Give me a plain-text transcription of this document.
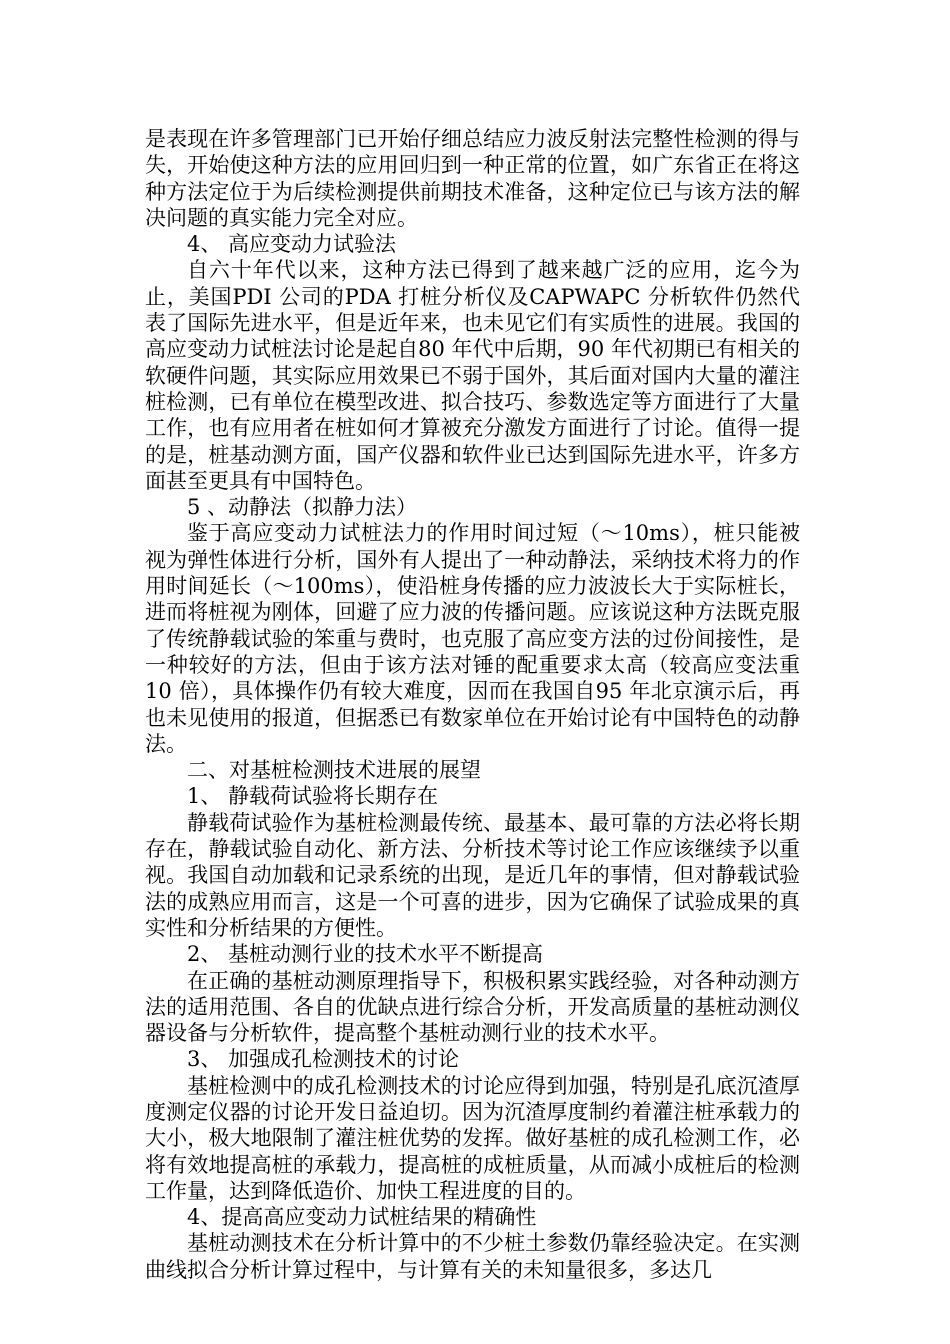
是表现在许多管理部门已开始仔细总结应力波反射法完整性检测的得与失，开始使这种方法的应用回归到一种正常的位置，如广东省正在将这种方法定位于为后续检测提供前期技术准备，这种定位已与该方法的解决问题的真实能力完全对应。

4、 高应变动力试验法

自六十年代以来，这种方法已得到了越来越广泛的应用，迄今为止，美国PDI 公司的PDA 打桩分析仪及CAPWAPC 分析软件仍然代表了国际先进水平，但是近年来，也未见它们有实质性的进展。我国的高应变动力试桩法讨论是起自80 年代中后期，90 年代初期已有相关的软硬件问题，其实际应用效果已不弱于国外，其后面对国内大量的灌注桩检测，已有单位在模型改进、拟合技巧、参数选定等方面进行了大量工作，也有应用者在桩如何才算被充分激发方面进行了讨论。值得一提的是，桩基动测方面，国产仪器和软件业已达到国际先进水平，许多方面甚至更具有中国特色。

5 、动静法（拟静力法）

鉴于高应变动力试桩法力的作用时间过短（～10ms），桩只能被视为弹性体进行分析，国外有人提出了一种动静法，采纳技术将力的作用时间延长（～100ms），使沿桩身传播的应力波波长大于实际桩长，进而将桩视为刚体，回避了应力波的传播问题。应该说这种方法既克服了传统静载试验的笨重与费时，也克服了高应变方法的过份间接性，是一种较好的方法，但由于该方法对锤的配重要求太高（较高应变法重10 倍），具体操作仍有较大难度，因而在我国自95 年北京演示后，再也未见使用的报道，但据悉已有数家单位在开始讨论有中国特色的动静法。

二、对基桩检测技术进展的展望

1、 静载荷试验将长期存在

静载荷试验作为基桩检测最传统、最基本、最可靠的方法必将长期存在，静载试验自动化、新方法、分析技术等讨论工作应该继续予以重视。我国自动加载和记录系统的出现，是近几年的事情，但对静载试验法的成熟应用而言，这是一个可喜的进步，因为它确保了试验成果的真实性和分析结果的方便性。

2、 基桩动测行业的技术水平不断提高

在正确的基桩动测原理指导下，积极积累实践经验，对各种动测方法的适用范围、各自的优缺点进行综合分析，开发高质量的基桩动测仪器设备与分析软件，提高整个基桩动测行业的技术水平。

3、 加强成孔检测技术的讨论

基桩检测中的成孔检测技术的讨论应得到加强，特别是孔底沉渣厚度测定仪器的讨论开发日益迫切。因为沉渣厚度制约着灌注桩承载力的大小，极大地限制了灌注桩优势的发挥。做好基桩的成孔检测工作，必将有效地提高桩的承载力，提高桩的成桩质量，从而减小成桩后的检测工作量，达到降低造价、加快工程进度的目的。

4、提高高应变动力试桩结果的精确性

基桩动测技术在分析计算中的不少桩土参数仍靠经验决定。在实测曲线拟合分析计算过程中，与计算有关的未知量很多，多达几
